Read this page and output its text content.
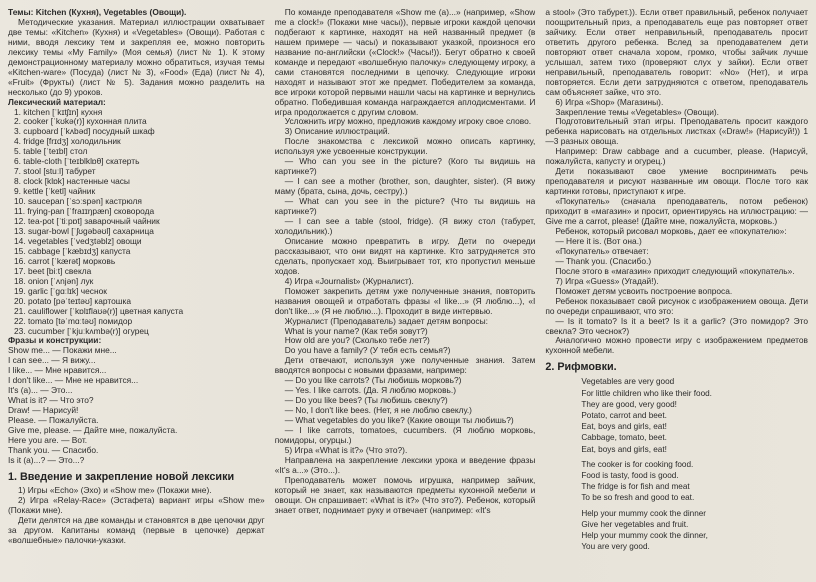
Темы: Kitchen (Кухня), Vegetables (Овощи).

Методические указания. Материал иллюстрации охватывает две темы: «Kitchen» (Кухня) и «Vegetables» (Овощи). Работая с ними, вводя лексику тем и закрепляя ее, можно повторить лексику темы «My Family» (Моя семья) (лист № 1). К этому демонстрационному материалу можно обратиться, изучая темы «Kitchen-ware» (Посуда) (лист № 3), «Food» (Еда) (лист № 4), «Fruit» (Фрукты) (лист № 5). Задания можно разделить на несколько (до 9) уроков.

Лексический материал:

1. kitchen [ˈkɪtʃɪn] кухня
2. cooker [ˈkʊkə(r)] кухонная плита
3. cupboard [ˈkʌbəd] посудный шкаф
4. fridge [frɪdʒ] холодильник
5. table [ˈteɪbl] стол
6. table-cloth [ˈteɪblklɒθ] скатерть
7. stool [stuːl] табурет
8. clock [klɒk] настенные часы
9. kettle [ˈketl] чайник
10. saucepan [ˈsɔːspən] кастрюля
11. frying-pan [ˈfraɪɪŋpæn] сковорода
12. tea-pot [ˈtiːpɒt] заварочный чайник
13. sugar-bowl [ˈʃʊgəbəʊl] сахарница
14. vegetables [ˈvedʒtəblz] овощи
15. cabbage [ˈkæbɪdʒ] капуста
16. carrot [ˈkærət] морковь
17. beet [biːt] свекла
18. onion [ˈʌnjən] лук
19. garlic [ˈgɑːlɪk] чеснок
20. potato [pəˈteɪtəʊ] картошка
21. cauliflower [ˈkɒlɪflaʊə(r)] цветная капуста
22. tomato [təˈmɑːtəʊ] помидор
23. cucumber [ˈkjuːkʌmbə(r)] огурец

Фразы и конструкции:

Show me... — Покажи мне...
I can see... — Я вижу...
I like... — Мне нравится...
I don't like... — Мне не нравится...
It's (a)... — Это...
What is it? — Что это?
Draw! — Нарисуй!
Please. — Пожалуйста.
Give me, please. — Дайте мне, пожалуйста.
Here you are. — Вот.
Thank you. — Спасибо.
Is it (a)...? — Это...?
1. Введение и закрепление новой лексики

1) Игры «Echo» (Эхо) и «Show me» (Покажи мне).

2) Игра «Relay-Race» (Эстафета) вариант игры «Show me» (Покажи мне).

Дети делятся на две команды и становятся в две цепочки друг за другом. Капитаны команд (первые в цепочке) держат «волшебные» палочки-указки.

По команде преподавателя «Show me (a)...» (например, «Show me a clock!» (Покажи мне часы)), первые игроки каждой цепочки подбегают к картинке, находят на ней названный предмет (в нашем примере — часы) и показывают указкой, произнося его название по-английски («Clock!» (Часы!)). Бегут обратно к своей команде и передают «волшебную палочку» следующему игроку, а сами становятся последними в цепочку. Следующие игроки находят и называют этот же предмет. Победителем за команда, все игроки которой первыми нашли часы на картинке и вернулись обратно. Победившая команда награждается аплодисментами. И игра продолжается с другим словом.

Усложнить игру можно, предложив каждому игроку свое слово.

3) Описание иллюстраций.

После знакомства с лексикой можно описать картинку, используя уже усвоенные конструкции.

— Who can you see in the picture? (Кого ты видишь на картинке?)

— I can see a mother (brother, son, daughter, sister). (Я вижу маму (брата, сына, дочь, сестру).)

— What can you see in the picture? (Что ты видишь на картинке?)

— I can see a table (stool, fridge). (Я вижу стол (табурет, холодильник).)

Описание можно превратить в игру. Дети по очереди рассказывают, что они видят на картинке. Кто затрудняется это сделать, пропускает ход. Выигрывает тот, кто пропустил меньше ходов.

4) Игра «Journalist» (Журналист).

Поможет закрепить детям уже полученные знания, повторить названия овощей и отработать фразы «I like...» (Я люблю...), «I don't like...» (Я не люблю...). Проходит в виде интервью.

Журналист (Преподаватель) задает детям вопросы:

What is your name? (Как тебя зовут?)

How old are you? (Сколько тебе лет?)

Do you have a family? (У тебя есть семья?)

Дети отвечают, используя уже полученные знания. Затем вводятся вопросы с новыми фразами, например:

— Do you like carrots? (Ты любишь морковь?)

— Yes. I like carrots. (Да. Я люблю морковь.)

— Do you like bees? (Ты любишь свеклу?)

— No, I don't like bees. (Нет, я не люблю свеклу.)

— What vegetables do you like? (Какие овощи ты любишь?)

— I like carrots, tomatoes, cucumbers. (Я люблю морковь, помидоры, огурцы.)

5) Игра «What is it?» (Что это?).

Направлена на закрепление лексики урока и введение фразы «It's a...» (Это...).

Преподаватель может помочь игрушка, например зайчик, который не знает, как называются предметы кухонной мебели и овощи. Он спрашивает: «What is it?» (Что это?). Ребенок, который знает ответ, поднимает руку и отвечает (например: «It's

a stool» (Это табурет.)). Если ответ правильный, ребенок получает поощрительный приз, а преподаватель еще раз повторяет ответ зайчику. Если ответ неправильный, преподаватель просит ответить другого ребенка. Вслед за преподавателем дети повторяют ответ сначала хором, громко, чтобы зайчик лучше услышал, затем тихо (проверяют слух у зайки). Если ответ неправильный, преподаватель говорит: «No» (Нет), и игра повторяется. Если дети затрудняются с ответом, преподаватель сам объясняет зайке, что это.

6) Игра «Shop» (Магазины).

Закрепление темы «Vegetables» (Овощи).

Подготовительный этап игры. Преподаватель просит каждого ребенка нарисовать на отдельных листках («Draw!» (Нарисуй!)) 1—3 разных овоща.

Например: Draw cabbage and a cucumber, please. (Нарисуй, пожалуйста, капусту и огурец.)

Дети показывают свое умение воспринимать речь преподавателя и рисуют названные им овощи. После того как картинки готовы, приступают к игре.

«Покупатель» (сначала преподаватель, потом ребенок) приходит в «магазин» и просит, ориентируясь на иллюстрацию: — Give me a carrot, please! (Дайте мне, пожалуйста, морковь.)

Ребенок, который рисовал морковь, дает ее «покупателю»:

— Here it is. (Вот она.)

«Покупатель» отвечает:

— Thank you. (Спасибо.)

После этого в «магазин» приходит следующий «покупатель».

7) Игра «Guess» (Угадай!).

Поможет детям усвоить построение вопроса.

Ребенок показывает свой рисунок с изображением овоща. Дети по очереди спрашивают, что это:

— Is it tomato? Is it a beet? Is it a garlic? (Это помидор? Это свекла? Это чеснок?)

Аналогично можно провести игру с изображением предметов кухонной мебели.

2. Рифмовки.
Vegetables are very good
For little children who like their food.
They are good, very good!
Potato, carrot and beet.
Eat, boys and girls, eat!
Cabbage, tomato, beet.
Eat, boys and girls, eat!
The cooker is for cooking food.
Food is tasty, food is good.
The fridge is for fish and meat
To be so fresh and good to eat.
Help your mummy cook the dinner
Give her vegetables and fruit.
Help your mummy cook the dinner,
You are very good.
